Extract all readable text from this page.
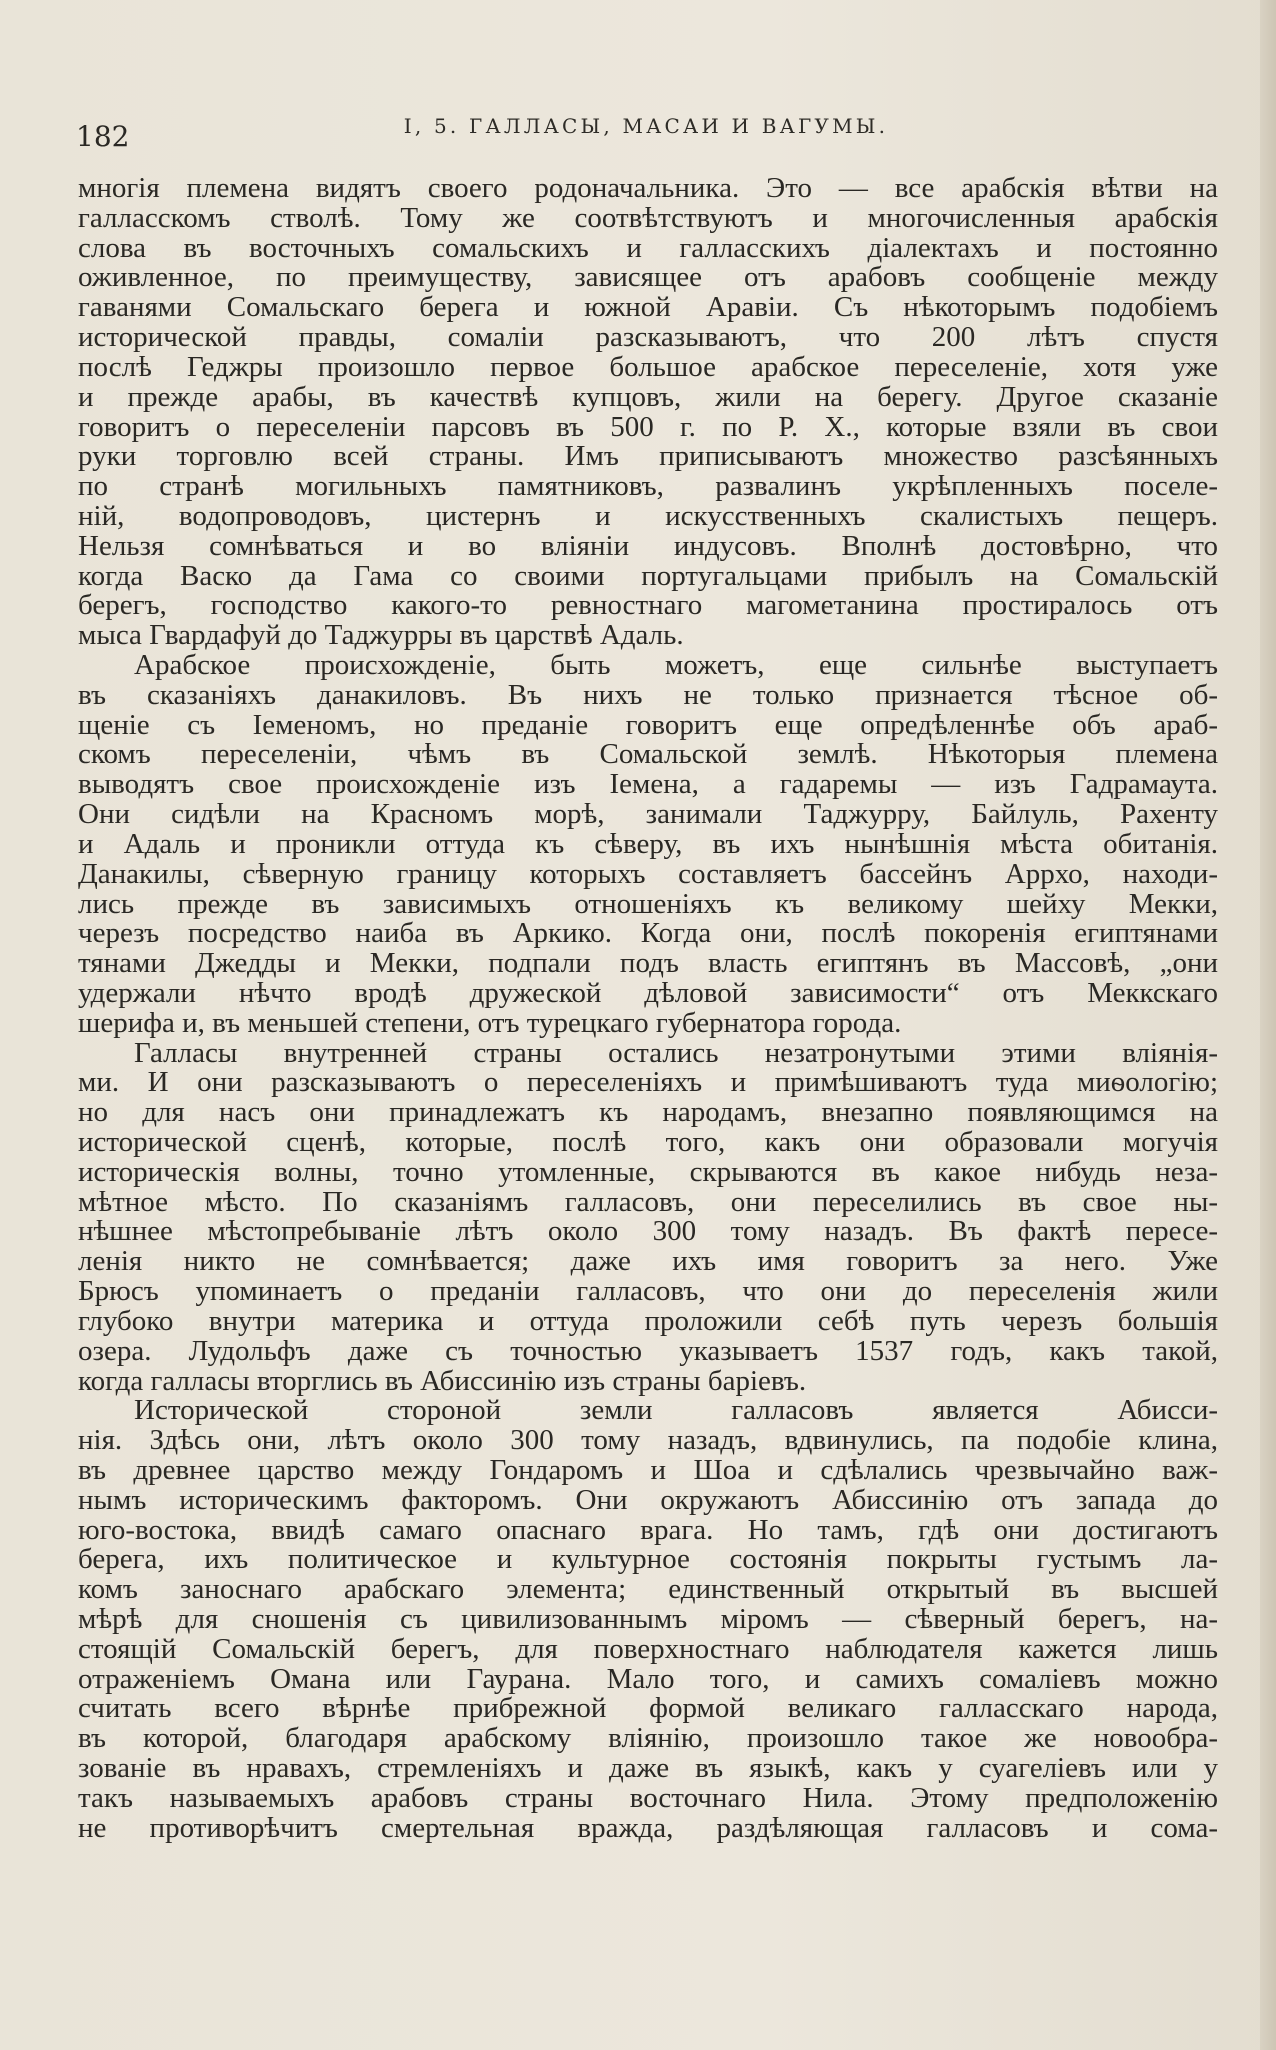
182	I, 5. ГАЛЛАСЫ, МАСАИ И ВАГУМЫ.
многія племена видятъ своего родоначальника. Это — все арабскія вѣтви на
галласскомъ стволѣ. Тому же соотвѣтствуютъ и многочисленныя арабскія
слова въ восточныхъ сомальскихъ и галласскихъ діалектахъ и постоянно
оживленное, по преимуществу, зависящее отъ арабовъ сообщеніе между
гаванями Сомальскаго берега и южной Аравіи. Съ нѣкоторымъ подобіемъ
исторической правды, сомаліи разсказываютъ, что 200 лѣтъ спустя
послѣ Геджры произошло первое большое арабское переселеніе, хотя уже
и прежде арабы, въ качествѣ купцовъ, жили на берегу. Другое сказаніе
говоритъ о переселеніи парсовъ въ 500 г. по Р. Х., которые взяли въ свои
руки торговлю всей страны. Имъ приписываютъ множество разсѣянныхъ
по странѣ могильныхъ памятниковъ, развалинъ укрѣпленныхъ поселе-
ній, водопроводовъ, цистернъ и искусственныхъ скалистыхъ пещеръ.
Нельзя сомнѣваться и во вліяніи индусовъ. Вполнѣ достовѣрно, что
когда Васко да Гама со своими португальцами прибылъ на Сомальскій
берегъ, господство какого-то ревностнаго магометанина простиралось отъ
мыса Гвардафуй до Таджурры въ царствѣ Адаль.
Арабское происхожденіе, быть можетъ, еще сильнѣе выступаетъ
въ сказаніяхъ данакиловъ. Въ нихъ не только признается тѣсное об-
щеніе съ Іеменомъ, но преданіе говоритъ еще опредѣленнѣе объ араб-
скомъ переселеніи, чѣмъ въ Сомальской землѣ. Нѣкоторыя племена
выводятъ свое происхожденіе изъ Іемена, а гадаремы — изъ Гадрамаута.
Они сидѣли на Красномъ морѣ, занимали Таджурру, Байлуль, Рахенту
и Адаль и проникли оттуда къ сѣверу, въ ихъ нынѣшнія мѣста обитанія.
Данакилы, сѣверную границу которыхъ составляетъ бассейнъ Аррхо, находи-
лись прежде въ зависимыхъ отношеніяхъ къ великому шейху Мекки,
черезъ посредство наиба въ Аркико. Когда они, послѣ покоренія египтянами
тянами Джедды и Мекки, подпали подъ власть египтянъ въ Массовѣ, „они
удержали нѣчто вродѣ дружеской дѣловой зависимости“ отъ Меккскаго
шерифа и, въ меньшей степени, отъ турецкаго губернатора города.
Галласы внутренней страны остались незатронутыми этими вліянія-
ми. И они разсказываютъ о переселеніяхъ и примѣшиваютъ туда миѳологію;
но для насъ они принадлежатъ къ народамъ, внезапно появляющимся на
исторической сценѣ, которые, послѣ того, какъ они образовали могучія
историческія волны, точно утомленные, скрываются въ какое нибудь неза-
мѣтное мѣсто. По сказаніямъ галласовъ, они переселились въ свое ны-
нѣшнее мѣстопребываніе лѣтъ около 300 тому назадъ. Въ фактѣ пересе-
ленія никто не сомнѣвается; даже ихъ имя говоритъ за него. Уже
Брюсъ упоминаетъ о преданіи галласовъ, что они до переселенія жили
глубоко внутри материка и оттуда проложили себѣ путь черезъ большія
озера. Лудольфъ даже съ точностью указываетъ 1537 годъ, какъ такой,
когда галласы вторглись въ Абиссинію изъ страны баріевъ.
Исторической стороной земли галласовъ является Абисси-
нія. Здѣсь они, лѣтъ около 300 тому назадъ, вдвинулись, па подобіе клина,
въ древнее царство между Гондаромъ и Шоа и сдѣлались чрезвычайно важ-
нымъ историческимъ факторомъ. Они окружаютъ Абиссинію отъ запада до
юго-востока, ввидѣ самаго опаснаго врага. Но тамъ, гдѣ они достигаютъ
берега, ихъ политическое и культурное состоянія покрыты густымъ ла-
комъ заноснаго арабскаго элемента; единственный открытый въ высшей
мѣрѣ для сношенія съ цивилизованнымъ міромъ — сѣверный берегъ, на-
стоящій Сомальскій берегъ, для поверхностнаго наблюдателя кажется лишь
отраженіемъ Омана или Гаурана. Мало того, и самихъ сомаліевъ можно
считать всего вѣрнѣе прибрежной формой великаго галласскаго народа,
въ которой, благодаря арабскому вліянію, произошло такое же новообра-
зованіе въ нравахъ, стремленіяхъ и даже въ языкѣ, какъ у суагелiевъ или у
такъ называемыхъ арабовъ страны восточнаго Нила. Этому предположенію
не противорѣчитъ смертельная вражда, раздѣляющая галласовъ и сома-
